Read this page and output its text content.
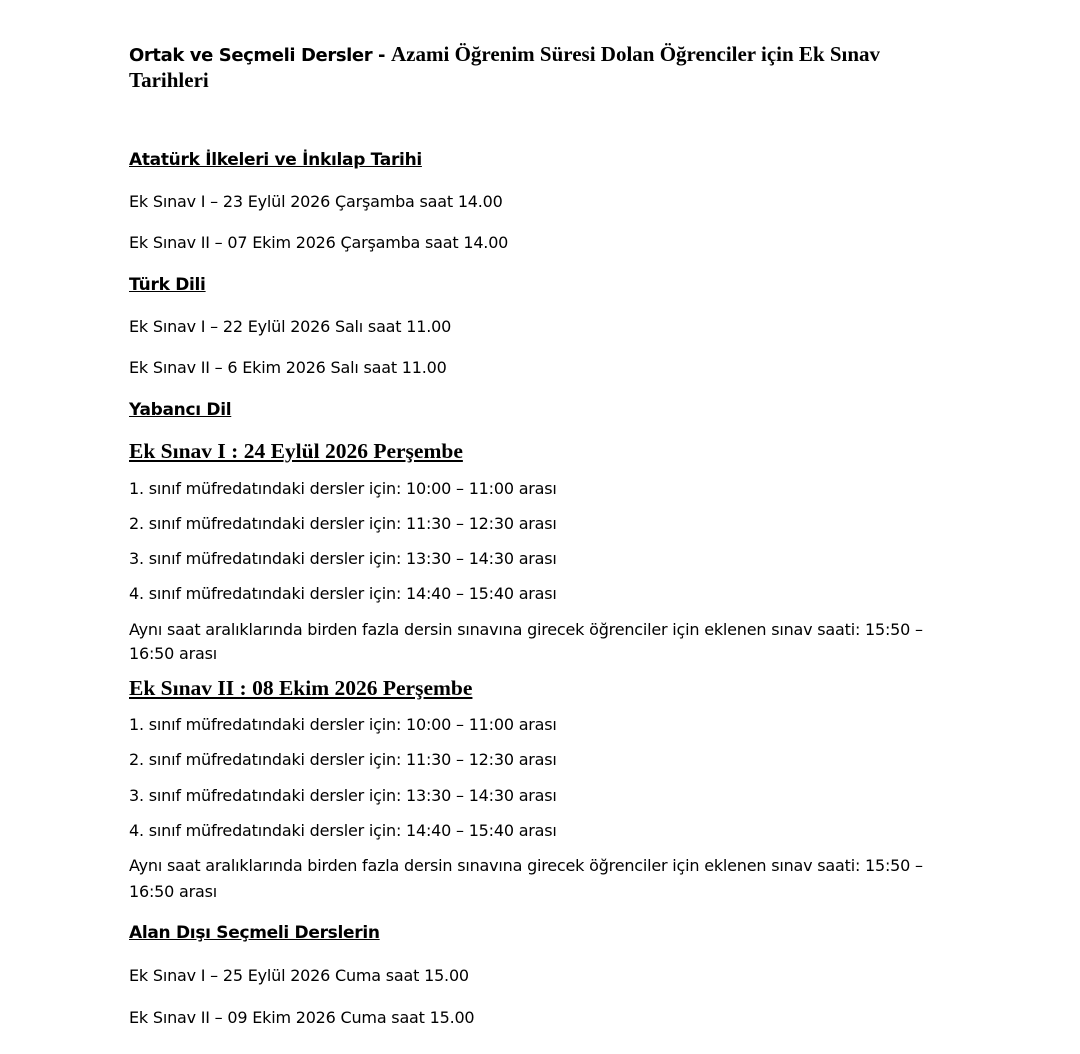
Ortak ve Seçmeli Dersler - Azami Öğrenim Süresi Dolan Öğrenciler için Ek Sınav
Tarihleri
Atatürk İlkeleri ve İnkılap Tarihi
Ek Sınav I – 23 Eylül 2026 Çarşamba saat 14.00
Ek Sınav II – 07 Ekim 2026 Çarşamba saat 14.00
Türk Dili
Ek Sınav I – 22 Eylül 2026 Salı saat 11.00
Ek Sınav II – 6 Ekim 2026 Salı saat 11.00
Yabancı Dil
Ek Sınav I : 24 Eylül 2026 Perşembe
1. sınıf müfredatındaki dersler için: 10:00 – 11:00 arası
2. sınıf müfredatındaki dersler için: 11:30 – 12:30 arası
3. sınıf müfredatındaki dersler için: 13:30 – 14:30 arası
4. sınıf müfredatındaki dersler için: 14:40 – 15:40 arası
Aynı saat aralıklarında birden fazla dersin sınavına girecek öğrenciler için eklenen sınav saati: 15:50 –
16:50 arası
Ek Sınav II : 08 Ekim 2026 Perşembe
1. sınıf müfredatındaki dersler için: 10:00 – 11:00 arası
2. sınıf müfredatındaki dersler için: 11:30 – 12:30 arası
3. sınıf müfredatındaki dersler için: 13:30 – 14:30 arası
4. sınıf müfredatındaki dersler için: 14:40 – 15:40 arası
Aynı saat aralıklarında birden fazla dersin sınavına girecek öğrenciler için eklenen sınav saati: 15:50 –
16:50 arası
Alan Dışı Seçmeli Derslerin
Ek Sınav I – 25 Eylül 2026 Cuma saat 15.00
Ek Sınav II – 09 Ekim 2026 Cuma saat 15.00
